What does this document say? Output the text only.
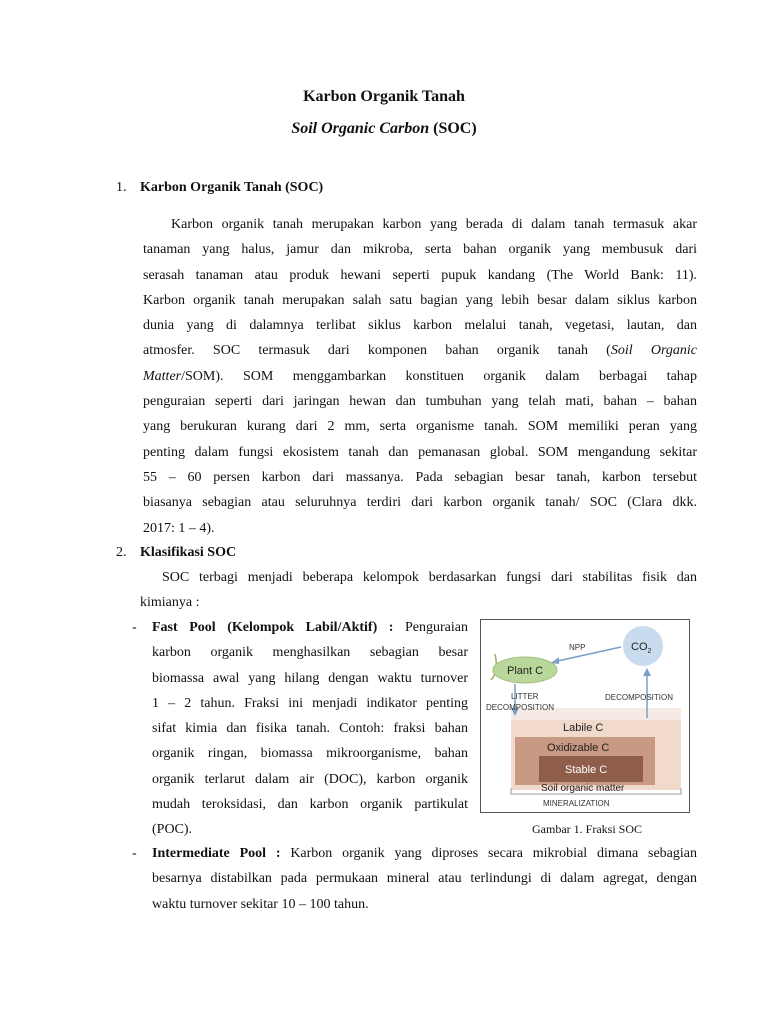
Karbon Organik Tanah
Soil Organic Carbon (SOC)
1. Karbon Organik Tanah (SOC)
Karbon organik tanah merupakan karbon yang berada di dalam tanah termasuk akar
tanaman yang halus, jamur dan mikroba, serta bahan organik yang membusuk dari
serasah tanaman atau produk hewani seperti pupuk kandang (The World Bank: 11).
Karbon organik tanah merupakan salah satu bagian yang lebih besar dalam siklus karbon
dunia yang di dalamnya terlibat siklus karbon melalui tanah, vegetasi, lautan, dan
atmosfer. SOC termasuk dari komponen bahan organik tanah (Soil Organic
Matter/SOM). SOM menggambarkan konstituen organik dalam berbagai tahap
penguraian seperti dari jaringan hewan dan tumbuhan yang telah mati, bahan – bahan
yang berukuran kurang dari 2 mm, serta organisme tanah. SOM memiliki peran yang
penting dalam fungsi ekosistem tanah dan pemanasan global. SOM mengandung sekitar
55 – 60 persen karbon dari massanya. Pada sebagian besar tanah, karbon tersebut
biasanya sebagian atau seluruhnya terdiri dari karbon organik tanah/ SOC (Clara dkk.
2017: 1 – 4).
2. Klasifikasi SOC
SOC terbagi menjadi beberapa kelompok berdasarkan fungsi dari stabilitas fisik dan
kimianya :
- Fast Pool (Kelompok Labil/Aktif) : Penguraian
karbon organik menghasilkan sebagian besar
biomassa awal yang hilang dengan waktu turnover
1 – 2 tahun. Fraksi ini menjadi indikator penting
sifat kimia dan fisika tanah. Contoh: fraksi bahan
organik ringan, biomassa mikroorganisme, bahan
organik terlarut dalam air (DOC), karbon organik
mudah teroksidasi, dan karbon organik partikulat
(POC).
NPP	$CO_2$
Plant C
LITTER
DECOMPOSITION
DECOMPOSITION
Labile C
Oxidizable C
Stable C
Soil organic matter
MINERALIZATION
Gambar 1. Fraksi SOC
- Intermediate Pool : Karbon organik yang diproses secara mikrobial dimana sebagian
besarnya distabilkan pada permukaan mineral atau terlindungi di dalam agregat, dengan
waktu turnover sekitar 10 – 100 tahun.
